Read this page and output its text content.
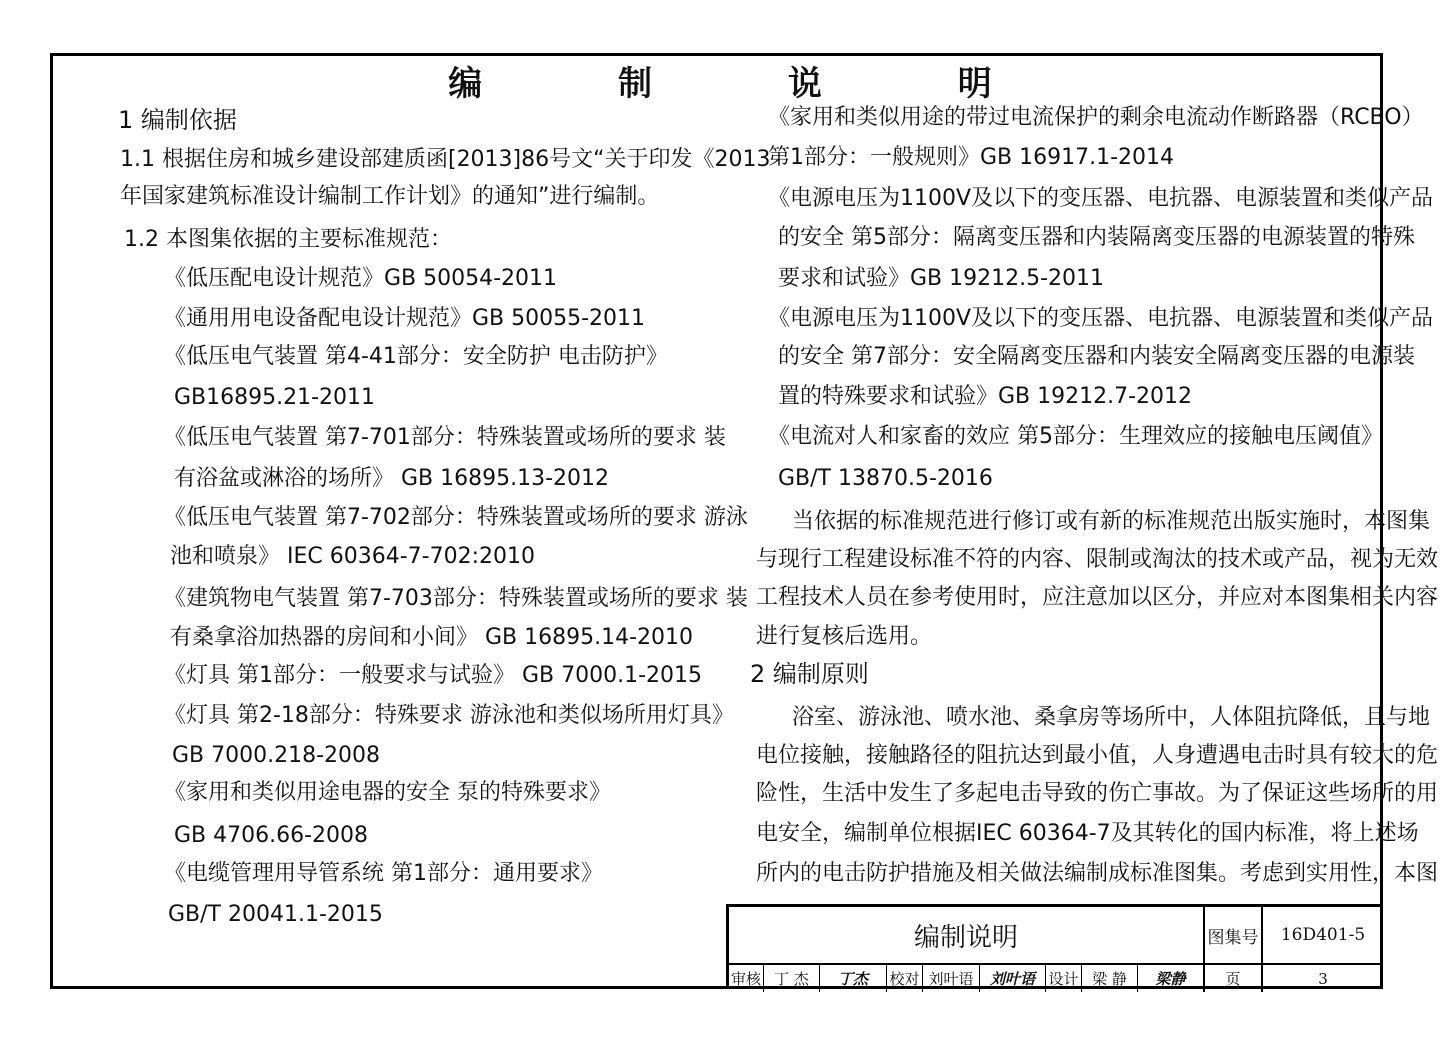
编 制 说 明
1 编制依据
1.1 根据住房和城乡建设部建质函[2013]86号文“关于印发《2013
年国家建筑标准设计编制工作计划》的通知”进行编制。
1.2 本图集依据的主要标准规范：
《低压配电设计规范》GB 50054-2011
《通用用电设备配电设计规范》GB 50055-2011
《低压电气装置 第4-41部分：安全防护 电击防护》
GB16895.21-2011
《低压电气装置 第7-701部分：特殊装置或场所的要求 装
有浴盆或淋浴的场所》 GB 16895.13-2012
《低压电气装置 第7-702部分：特殊装置或场所的要求 游泳
池和喷泉》 IEC 60364-7-702:2010
《建筑物电气装置 第7-703部分：特殊装置或场所的要求 装
有桑拿浴加热器的房间和小间》 GB 16895.14-2010
《灯具 第1部分：一般要求与试验》 GB 7000.1-2015
《灯具 第2-18部分：特殊要求 游泳池和类似场所用灯具》
GB 7000.218-2008
《家用和类似用途电器的安全 泵的特殊要求》
GB 4706.66-2008
《电缆管理用导管系统 第1部分：通用要求》
GB/T 20041.1-2015
《家用和类似用途的带过电流保护的剩余电流动作断路器（RCBO）
第1部分：一般规则》GB 16917.1-2014
《电源电压为1100V及以下的变压器、电抗器、电源装置和类似产品
的安全 第5部分：隔离变压器和内装隔离变压器的电源装置的特殊
要求和试验》GB 19212.5-2011
《电源电压为1100V及以下的变压器、电抗器、电源装置和类似产品
的安全 第7部分：安全隔离变压器和内装安全隔离变压器的电源装
置的特殊要求和试验》GB 19212.7-2012
《电流对人和家畜的效应 第5部分：生理效应的接触电压阈值》
GB/T 13870.5-2016
当依据的标准规范进行修订或有新的标准规范出版实施时，本图集
与现行工程建设标准不符的内容、限制或淘汰的技术或产品，视为无效
工程技术人员在参考使用时，应注意加以区分，并应对本图集相关内容
进行复核后选用。
2 编制原则
浴室、游泳池、喷水池、桑拿房等场所中，人体阻抗降低，且与地
电位接触，接触路径的阻抗达到最小值，人身遭遇电击时具有较大的危
险性，生活中发生了多起电击导致的伤亡事故。为了保证这些场所的用
电安全，编制单位根据IEC 60364-7及其转化的国内标准，将上述场
所内的电击防护措施及相关做法编制成标准图集。考虑到实用性，本图
编制说明	图集号	16D401-5
审核 丁 杰	丁杰	校对 刘叶语	刘叶语 设计 梁 静	梁静	页	3
